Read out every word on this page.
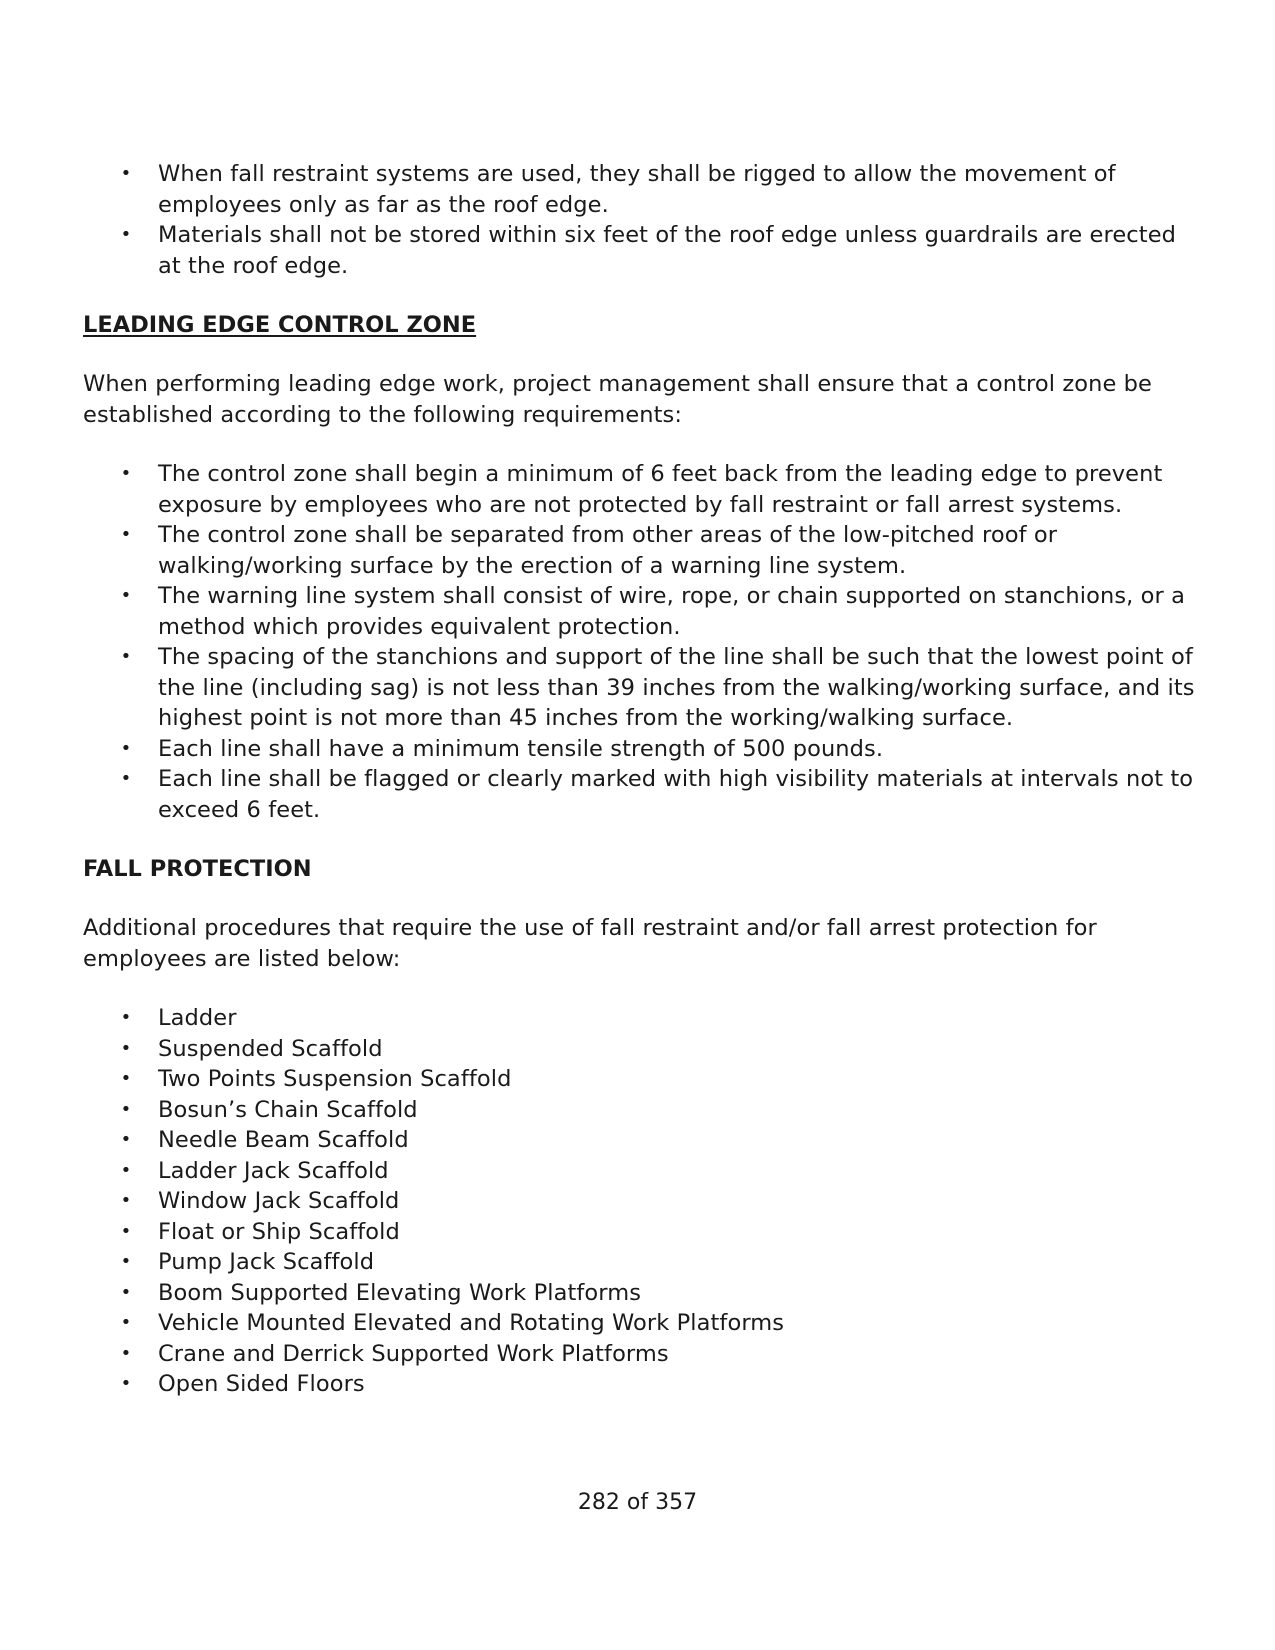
• When fall restraint systems are used, they shall be rigged to allow the movement of employees only as far as the roof edge.
• Materials shall not be stored within six feet of the roof edge unless guardrails are erected at the roof edge.
LEADING EDGE CONTROL ZONE

When performing leading edge work, project management shall ensure that a control zone be established according to the following requirements:

• The control zone shall begin a minimum of 6 feet back from the leading edge to prevent exposure by employees who are not protected by fall restraint or fall arrest systems.
• The control zone shall be separated from other areas of the low-pitched roof or walking/working surface by the erection of a warning line system.
• The warning line system shall consist of wire, rope, or chain supported on stanchions, or a method which provides equivalent protection.
• The spacing of the stanchions and support of the line shall be such that the lowest point of the line (including sag) is not less than 39 inches from the walking/working surface, and its highest point is not more than 45 inches from the working/walking surface.
• Each line shall have a minimum tensile strength of 500 pounds.
• Each line shall be flagged or clearly marked with high visibility materials at intervals not to exceed 6 feet.
FALL PROTECTION

Additional procedures that require the use of fall restraint and/or fall arrest protection for employees are listed below:

• Ladder
• Suspended Scaffold
• Two Points Suspension Scaffold
• Bosun’s Chain Scaffold
• Needle Beam Scaffold
• Ladder Jack Scaffold
• Window Jack Scaffold
• Float or Ship Scaffold
• Pump Jack Scaffold
• Boom Supported Elevating Work Platforms
• Vehicle Mounted Elevated and Rotating Work Platforms
• Crane and Derrick Supported Work Platforms
• Open Sided Floors
282 of 357
